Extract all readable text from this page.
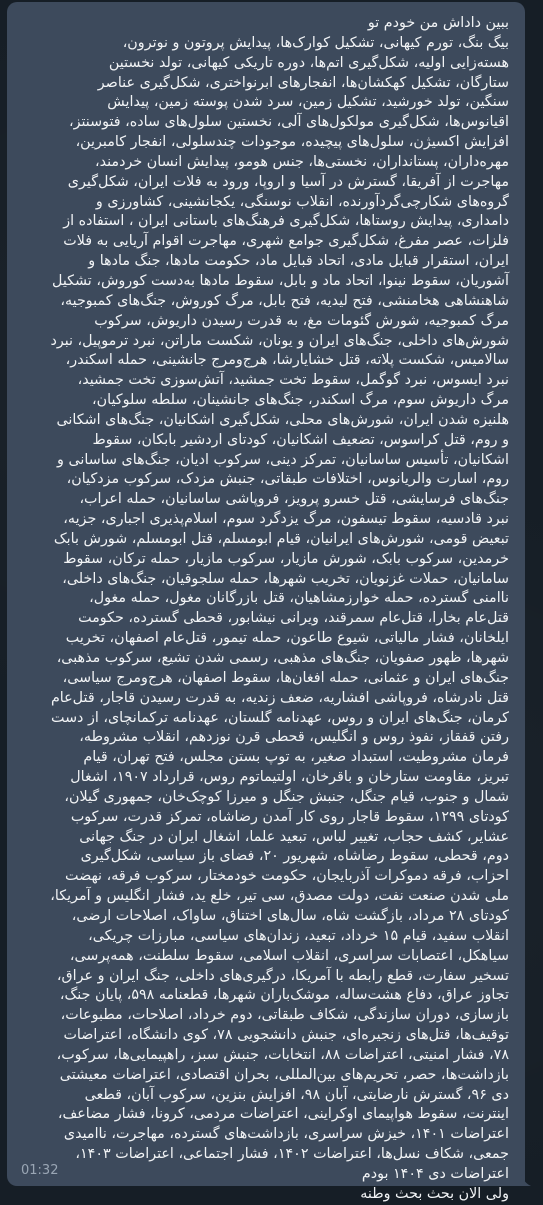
ببین داداش من خودم تو
بیگ بنگ، تورم کیهانی، تشکیل کوارک‌ها، پیدایش پروتون و نوترون،
هسته‌زایی اولیه، شکل‌گیری اتم‌ها، دوره تاریکی کیهانی، تولد نخستین
ستارگان، تشکیل کهکشان‌ها، انفجارهای ابرنواختری، شکل‌گیری عناصر
سنگین، تولد خورشید، تشکیل زمین، سرد شدن پوسته زمین، پیدایش
اقیانوس‌ها، شکل‌گیری مولکول‌های آلی، نخستین سلول‌های ساده، فتوسنتز،
افزایش اکسیژن، سلول‌های پیچیده، موجودات چندسلولی، انفجار کامبرین،
مهره‌داران، پستانداران، نخستی‌ها، جنس هومو، پیدایش انسان خردمند،
مهاجرت از آفریقا، گسترش در آسیا و اروپا، ورود به فلات ایران، شکل‌گیری
گروه‌های شکارچی‌گردآورنده، انقلاب نوسنگی، یکجانشینی، کشاورزی و
دامداری، پیدایش روستاها، شکل‌گیری فرهنگ‌های باستانی ایران ، استفاده از
فلزات، عصر مفرغ، شکل‌گیری جوامع شهری، مهاجرت اقوام آریایی به فلات
ایران، استقرار قبایل مادی، اتحاد قبایل ماد، حکومت مادها، جنگ مادها و
آشوریان، سقوط نینوا، اتحاد ماد و بابل، سقوط مادها به‌دست کوروش، تشکیل
شاهنشاهی هخامنشی، فتح لیدیه، فتح بابل، مرگ کوروش، جنگ‌های کمبوجیه،
مرگ کمبوجیه، شورش گئومات مغ، به قدرت رسیدن داریوش، سرکوب
شورش‌های داخلی، جنگ‌های ایران و یونان، شکست ماراتن، نبرد ترموپیل، نبرد
سالامیس، شکست پلاته، قتل خشایارشا، هرج‌ومرج جانشینی، حمله اسکندر،
نبرد ایسوس، نبرد گوگمل، سقوط تخت جمشید، آتش‌سوزی تخت جمشید،
مرگ داریوش سوم، مرگ اسکندر، جنگ‌های جانشینان، سلطه سلوکیان،
هلنیزه شدن ایران، شورش‌های محلی، شکل‌گیری اشکانیان، جنگ‌های اشکانی
و روم، قتل کراسوس، تضعیف اشکانیان، کودتای اردشیر بابکان، سقوط
اشکانیان، تأسیس ساسانیان، تمرکز دینی، سرکوب ادیان، جنگ‌های ساسانی و
روم، اسارت والریانوس، اختلافات طبقاتی، جنبش مزدک، سرکوب مزدکیان،
جنگ‌های فرسایشی، قتل خسرو پرویز، فروپاشی ساسانیان، حمله اعراب،
نبرد قادسیه، سقوط تیسفون، مرگ یزدگرد سوم، اسلام‌پذیری اجباری، جزیه،
تبعیض قومی، شورش‌های ایرانیان، قیام ابومسلم، قتل ابومسلم، شورش بابک
خرمدین، سرکوب بابک، شورش مازیار، سرکوب مازیار، حمله ترکان، سقوط
سامانیان، حملات غزنویان، تخریب شهرها، حمله سلجوقیان، جنگ‌های داخلی،
ناامنی گسترده، حمله خوارزمشاهیان، قتل بازرگانان مغول، حمله مغول،
قتل‌عام بخارا، قتل‌عام سمرقند، ویرانی نیشابور، قحطی گسترده، حکومت
ایلخانان، فشار مالیاتی، شیوع طاعون، حمله تیمور، قتل‌عام اصفهان، تخریب
شهرها، ظهور صفویان، جنگ‌های مذهبی، رسمی شدن تشیع، سرکوب مذهبی،
جنگ‌های ایران و عثمانی، حمله افغان‌ها، سقوط اصفهان، هرج‌ومرج سیاسی،
قتل نادرشاه، فروپاشی افشاریه، ضعف زندیه، به قدرت رسیدن قاجار، قتل‌عام
کرمان، جنگ‌های ایران و روس، عهدنامه گلستان، عهدنامه ترکمانچای، از دست
رفتن قفقاز، نفوذ روس و انگلیس، قحطی قرن نوزدهم، انقلاب مشروطه،
فرمان مشروطیت، استبداد صغیر، به توپ بستن مجلس، فتح تهران، قیام
تبریز، مقاومت ستارخان و باقرخان، اولتیماتوم روس، قرارداد ۱۹۰۷، اشغال
شمال و جنوب، قیام جنگل، جنبش جنگل و میرزا کوچک‌خان، جمهوری گیلان،
کودتای ۱۲۹۹، سقوط قاجار روی کار آمدن رضاشاه، تمرکز قدرت، سرکوب
عشایر، کشف حجاب، تغییر لباس، تبعید علما، اشغال ایران در جنگ جهانی
دوم، قحطی، سقوط رضاشاه، شهریور ۲۰، فضای باز سیاسی، شکل‌گیری
احزاب، فرقه دموکرات آذربایجان، حکومت خودمختار، سرکوب فرقه، نهضت
ملی شدن صنعت نفت، دولت مصدق، سی تیر، خلع ید، فشار انگلیس و آمریکا،
کودتای ۲۸ مرداد، بازگشت شاه، سال‌های اختناق، ساواک، اصلاحات ارضی،
انقلاب سفید، قیام ۱۵ خرداد، تبعید، زندان‌های سیاسی، مبارزات چریکی،
سیاهکل، اعتصابات سراسری، انقلاب اسلامی، سقوط سلطنت، همه‌پرسی،
تسخیر سفارت، قطع رابطه با آمریکا، درگیری‌های داخلی، جنگ ایران و عراق،
تجاوز عراق، دفاع هشت‌ساله، موشک‌باران شهرها، قطعنامه ۵۹۸، پایان جنگ،
بازسازی، دوران سازندگی، شکاف طبقاتی، دوم خرداد، اصلاحات، مطبوعات،
توقیف‌ها، قتل‌های زنجیره‌ای، جنبش دانشجویی ۷۸، کوی دانشگاه، اعتراضات
۷۸، فشار امنیتی، اعتراضات ۸۸، انتخابات، جنبش سبز، راهپیمایی‌ها، سرکوب،
بازداشت‌ها، حصر، تحریم‌های بین‌المللی، بحران اقتصادی، اعتراضات معیشتی
دی ۹۶، گسترش نارضایتی، آبان ۹۸، افزایش بنزین، سرکوب آبان، قطعی
اینترنت، سقوط هواپیمای اوکراینی، اعتراضات مردمی، کرونا، فشار مضاعف،
اعتراضات ۱۴۰۱، خیزش سراسری، بازداشت‌های گسترده، مهاجرت، ناامیدی
جمعی، شکاف نسل‌ها، اعتراضات ۱۴۰۲، فشار اجتماعی، اعتراضات ۱۴۰۳،
اعتراضات دی ۱۴۰۴ بودم
ولی الان بحث بحث وطنه

01:32
